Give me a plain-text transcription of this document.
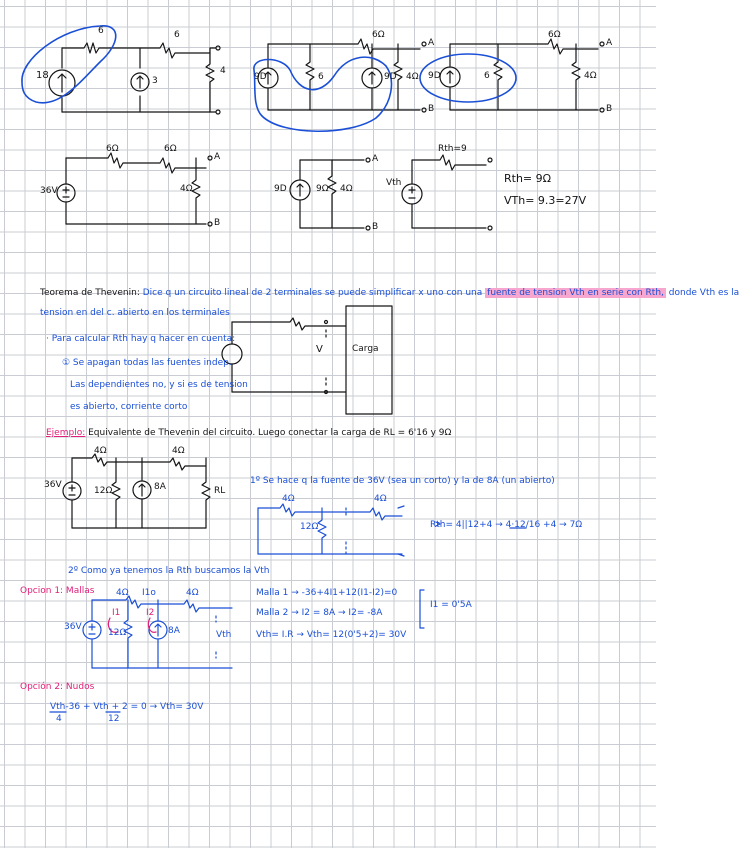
6	6
18	3
4
6Ω
9D	6	9D 4Ω
A
B
6Ω
9D	6	4Ω
A
B
6Ω	6Ω
36V	4Ω
A
B
9D	9Ω 4Ω
A
B
Rth=9
Vth	Rth= 9Ω
VTh= 9.3=27V
Teorema de Thevenin: Dice q un circuito lineal de 2 terminales se puede simplificar x uno con una fuente de tension Vth en serie con Rth, donde Vth es la
tension en del c. abierto en los terminales
· Para calcular Rth hay q hacer en cuenta:
① Se apagan todas las fuentes indep.
Las dependientes no, y si es de tension
es abierto, corriente corto
V	Carga
Ejemplo: Equivalente de Thevenin del circuito. Luego conectar la carga de RL = 6'16 y 9Ω
4Ω	4Ω
36V
12Ω	8A	RL
1º Se hace q la fuente de 36V (sea un corto) y la de 8A (un abierto)
4Ω	4Ω
12Ω	Rth= 4||12+4 → 4·12/16 +4 → 7Ω
2º Como ya tenemos la Rth buscamos la Vth
Opcion 1: Mallas 4Ω I1o	4Ω
36V
12Ω
I1	I2
8A	Vth
Malla 1 → -36+4I1+12(I1-I2)=0
Malla 2 → I2 = 8A → I2= -8A
I1 = 0'5A
Vth= I.R → Vth= 12(0'5+2)= 30V
Opción 2: Nudos
Vth-36 + Vth + 2 = 0 → Vth= 30V
4	12
